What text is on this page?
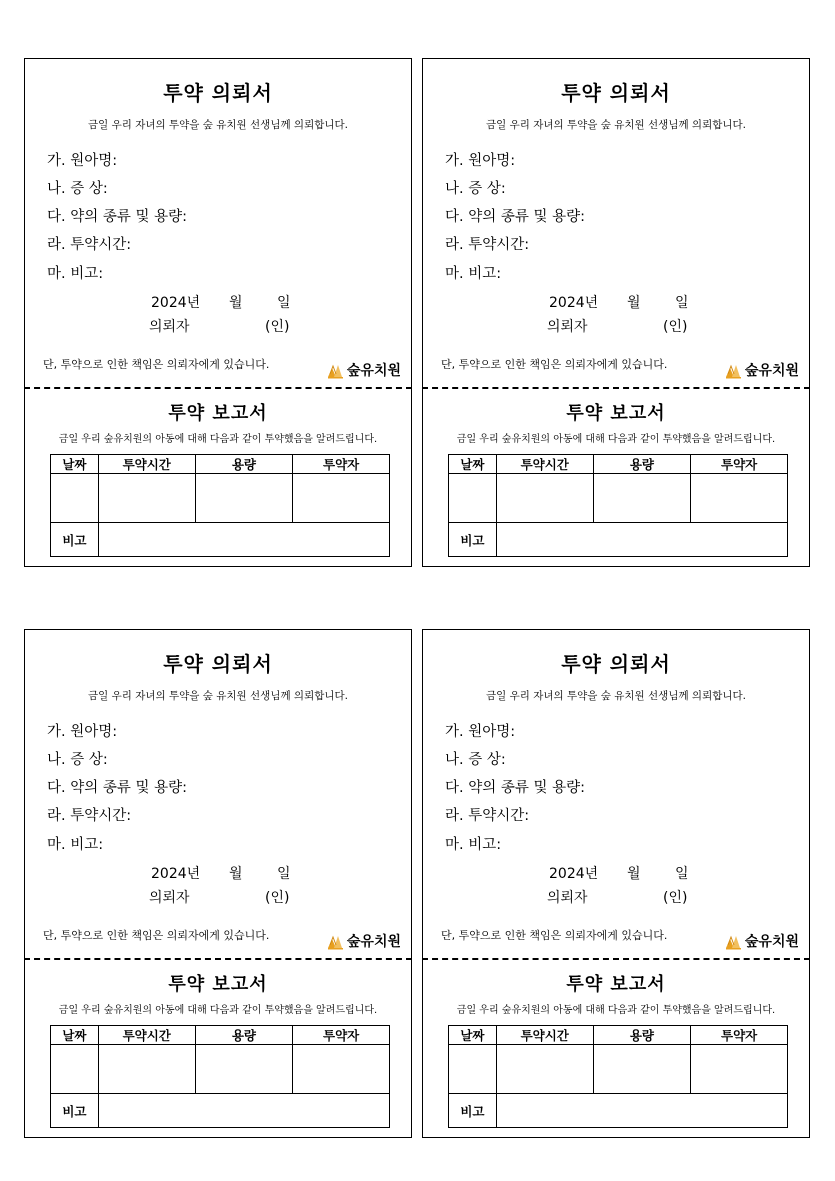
투약 의뢰서
금일 우리 자녀의 투약을 숲 유치원 선생님께 의뢰합니다.
가. 원아명:
나. 증 상:
다. 약의 종류 및 용량:
라. 투약시간:
마. 비고:
2024년 월 일
의뢰자	(인)
단, 투약으로 인한 책임은 의뢰자에게 있습니다.	숲유치원
투약 보고서
금일 우리 숲유치원의 아동에 대해 다음과 같이 투약했음을 알려드립니다.
날짜	투약시간	용량	투약자

비고			
투약 의뢰서
금일 우리 자녀의 투약을 숲 유치원 선생님께 의뢰합니다.
가. 원아명:
나. 증 상:
다. 약의 종류 및 용량:
라. 투약시간:
마. 비고:
2024년 월 일
의뢰자	(인)
단, 투약으로 인한 책임은 의뢰자에게 있습니다.	숲유치원
투약 보고서
금일 우리 숲유치원의 아동에 대해 다음과 같이 투약했음을 알려드립니다.
날짜	투약시간	용량	투약자

비고			
투약 의뢰서
금일 우리 자녀의 투약을 숲 유치원 선생님께 의뢰합니다.
가. 원아명:
나. 증 상:
다. 약의 종류 및 용량:
라. 투약시간:
마. 비고:
2024년 월 일
의뢰자	(인)
단, 투약으로 인한 책임은 의뢰자에게 있습니다.	숲유치원
투약 보고서
금일 우리 숲유치원의 아동에 대해 다음과 같이 투약했음을 알려드립니다.
날짜	투약시간	용량	투약자

비고			
투약 의뢰서
금일 우리 자녀의 투약을 숲 유치원 선생님께 의뢰합니다.
가. 원아명:
나. 증 상:
다. 약의 종류 및 용량:
라. 투약시간:
마. 비고:
2024년 월 일
의뢰자	(인)
단, 투약으로 인한 책임은 의뢰자에게 있습니다.	숲유치원
투약 보고서
금일 우리 숲유치원의 아동에 대해 다음과 같이 투약했음을 알려드립니다.
날짜	투약시간	용량	투약자

비고			
